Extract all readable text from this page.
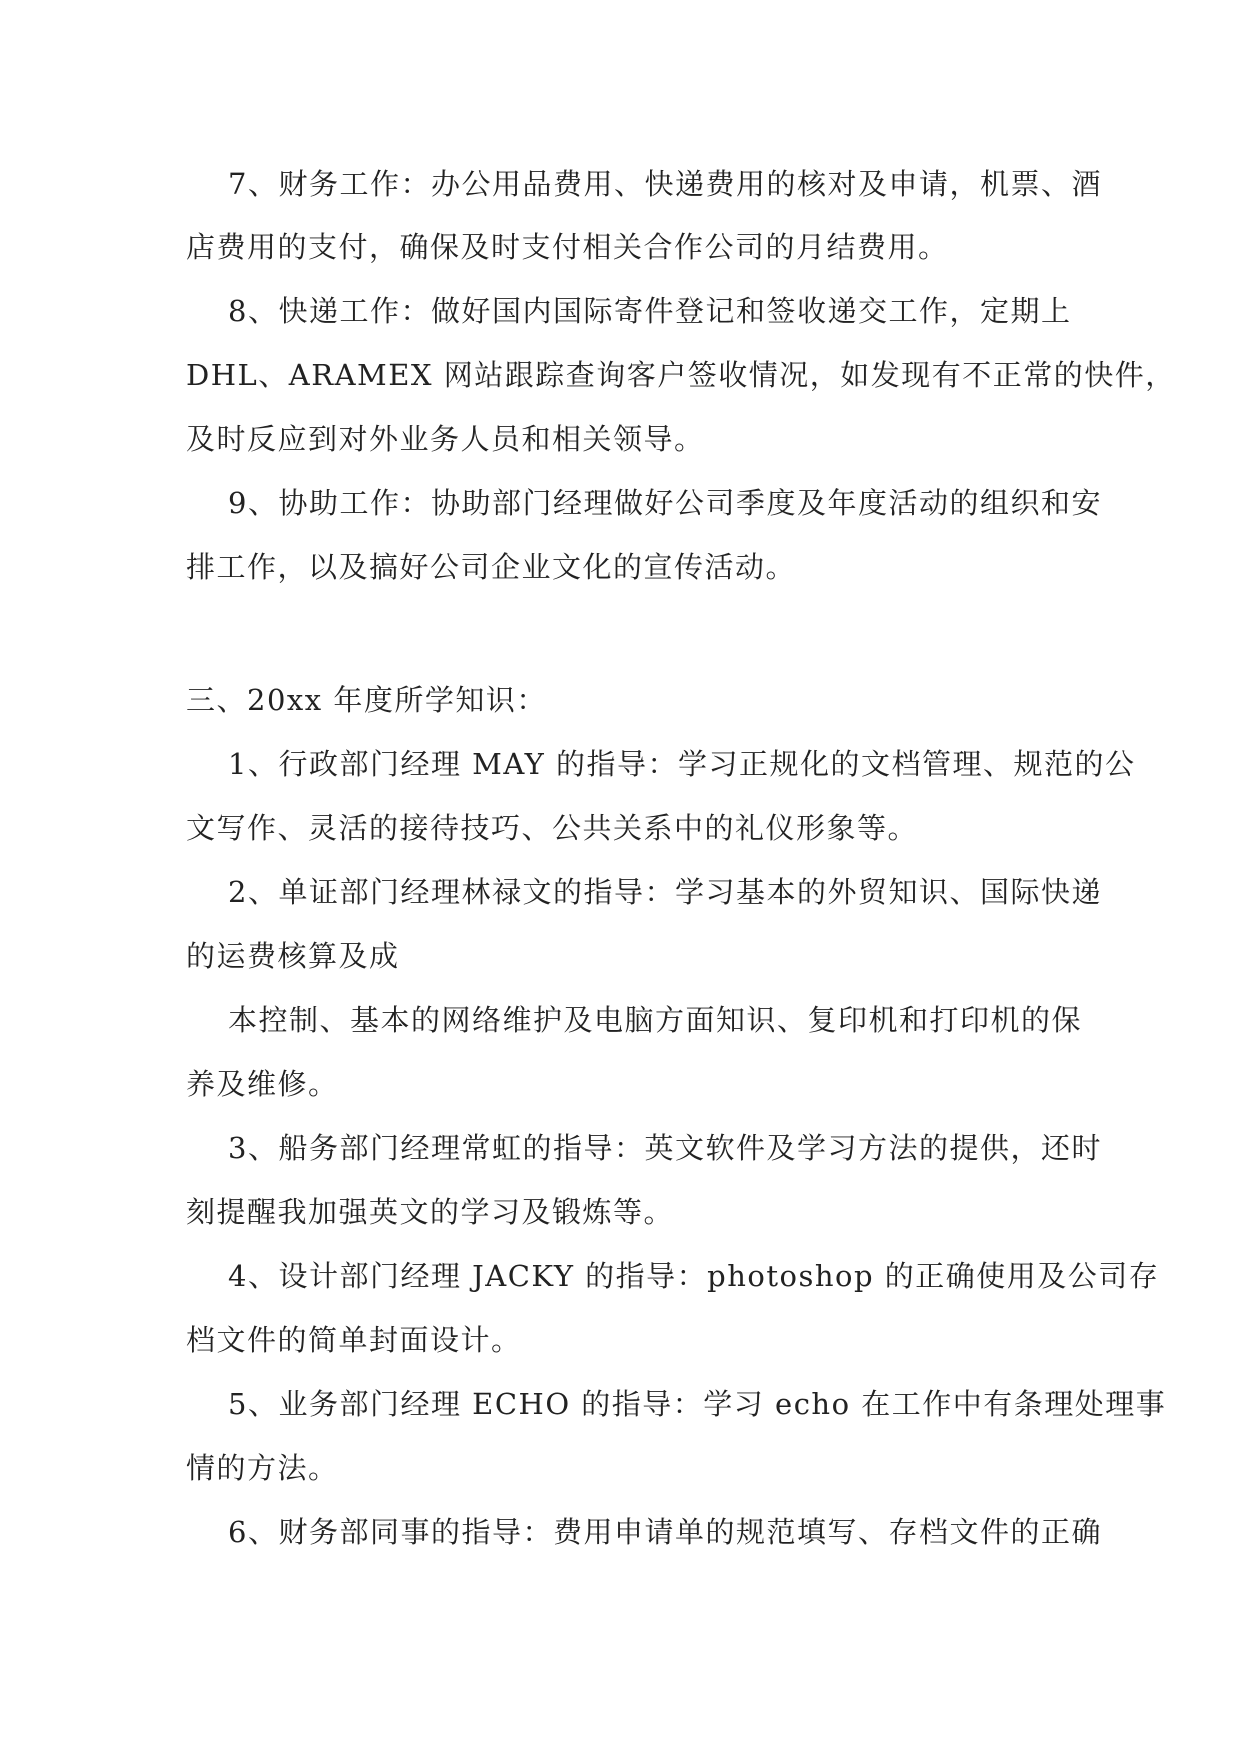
7、财务工作：办公用品费用、快递费用的核对及申请，机票、酒
店费用的支付，确保及时支付相关合作公司的月结费用。
8、快递工作：做好国内国际寄件登记和签收递交工作，定期上
DHL、ARAMEX 网站跟踪查询客户签收情况，如发现有不正常的快件，
及时反应到对外业务人员和相关领导。
9、协助工作：协助部门经理做好公司季度及年度活动的组织和安
排工作，以及搞好公司企业文化的宣传活动。
三、20xx 年度所学知识：
1、行政部门经理 MAY 的指导：学习正规化的文档管理、规范的公
文写作、灵活的接待技巧、公共关系中的礼仪形象等。
2、单证部门经理林禄文的指导：学习基本的外贸知识、国际快递
的运费核算及成
本控制、基本的网络维护及电脑方面知识、复印机和打印机的保
养及维修。
3、船务部门经理常虹的指导：英文软件及学习方法的提供，还时
刻提醒我加强英文的学习及锻炼等。
4、设计部门经理 JACKY 的指导：photoshop 的正确使用及公司存
档文件的简单封面设计。
5、业务部门经理 ECHO 的指导：学习 echo 在工作中有条理处理事
情的方法。
6、财务部同事的指导：费用申请单的规范填写、存档文件的正确
